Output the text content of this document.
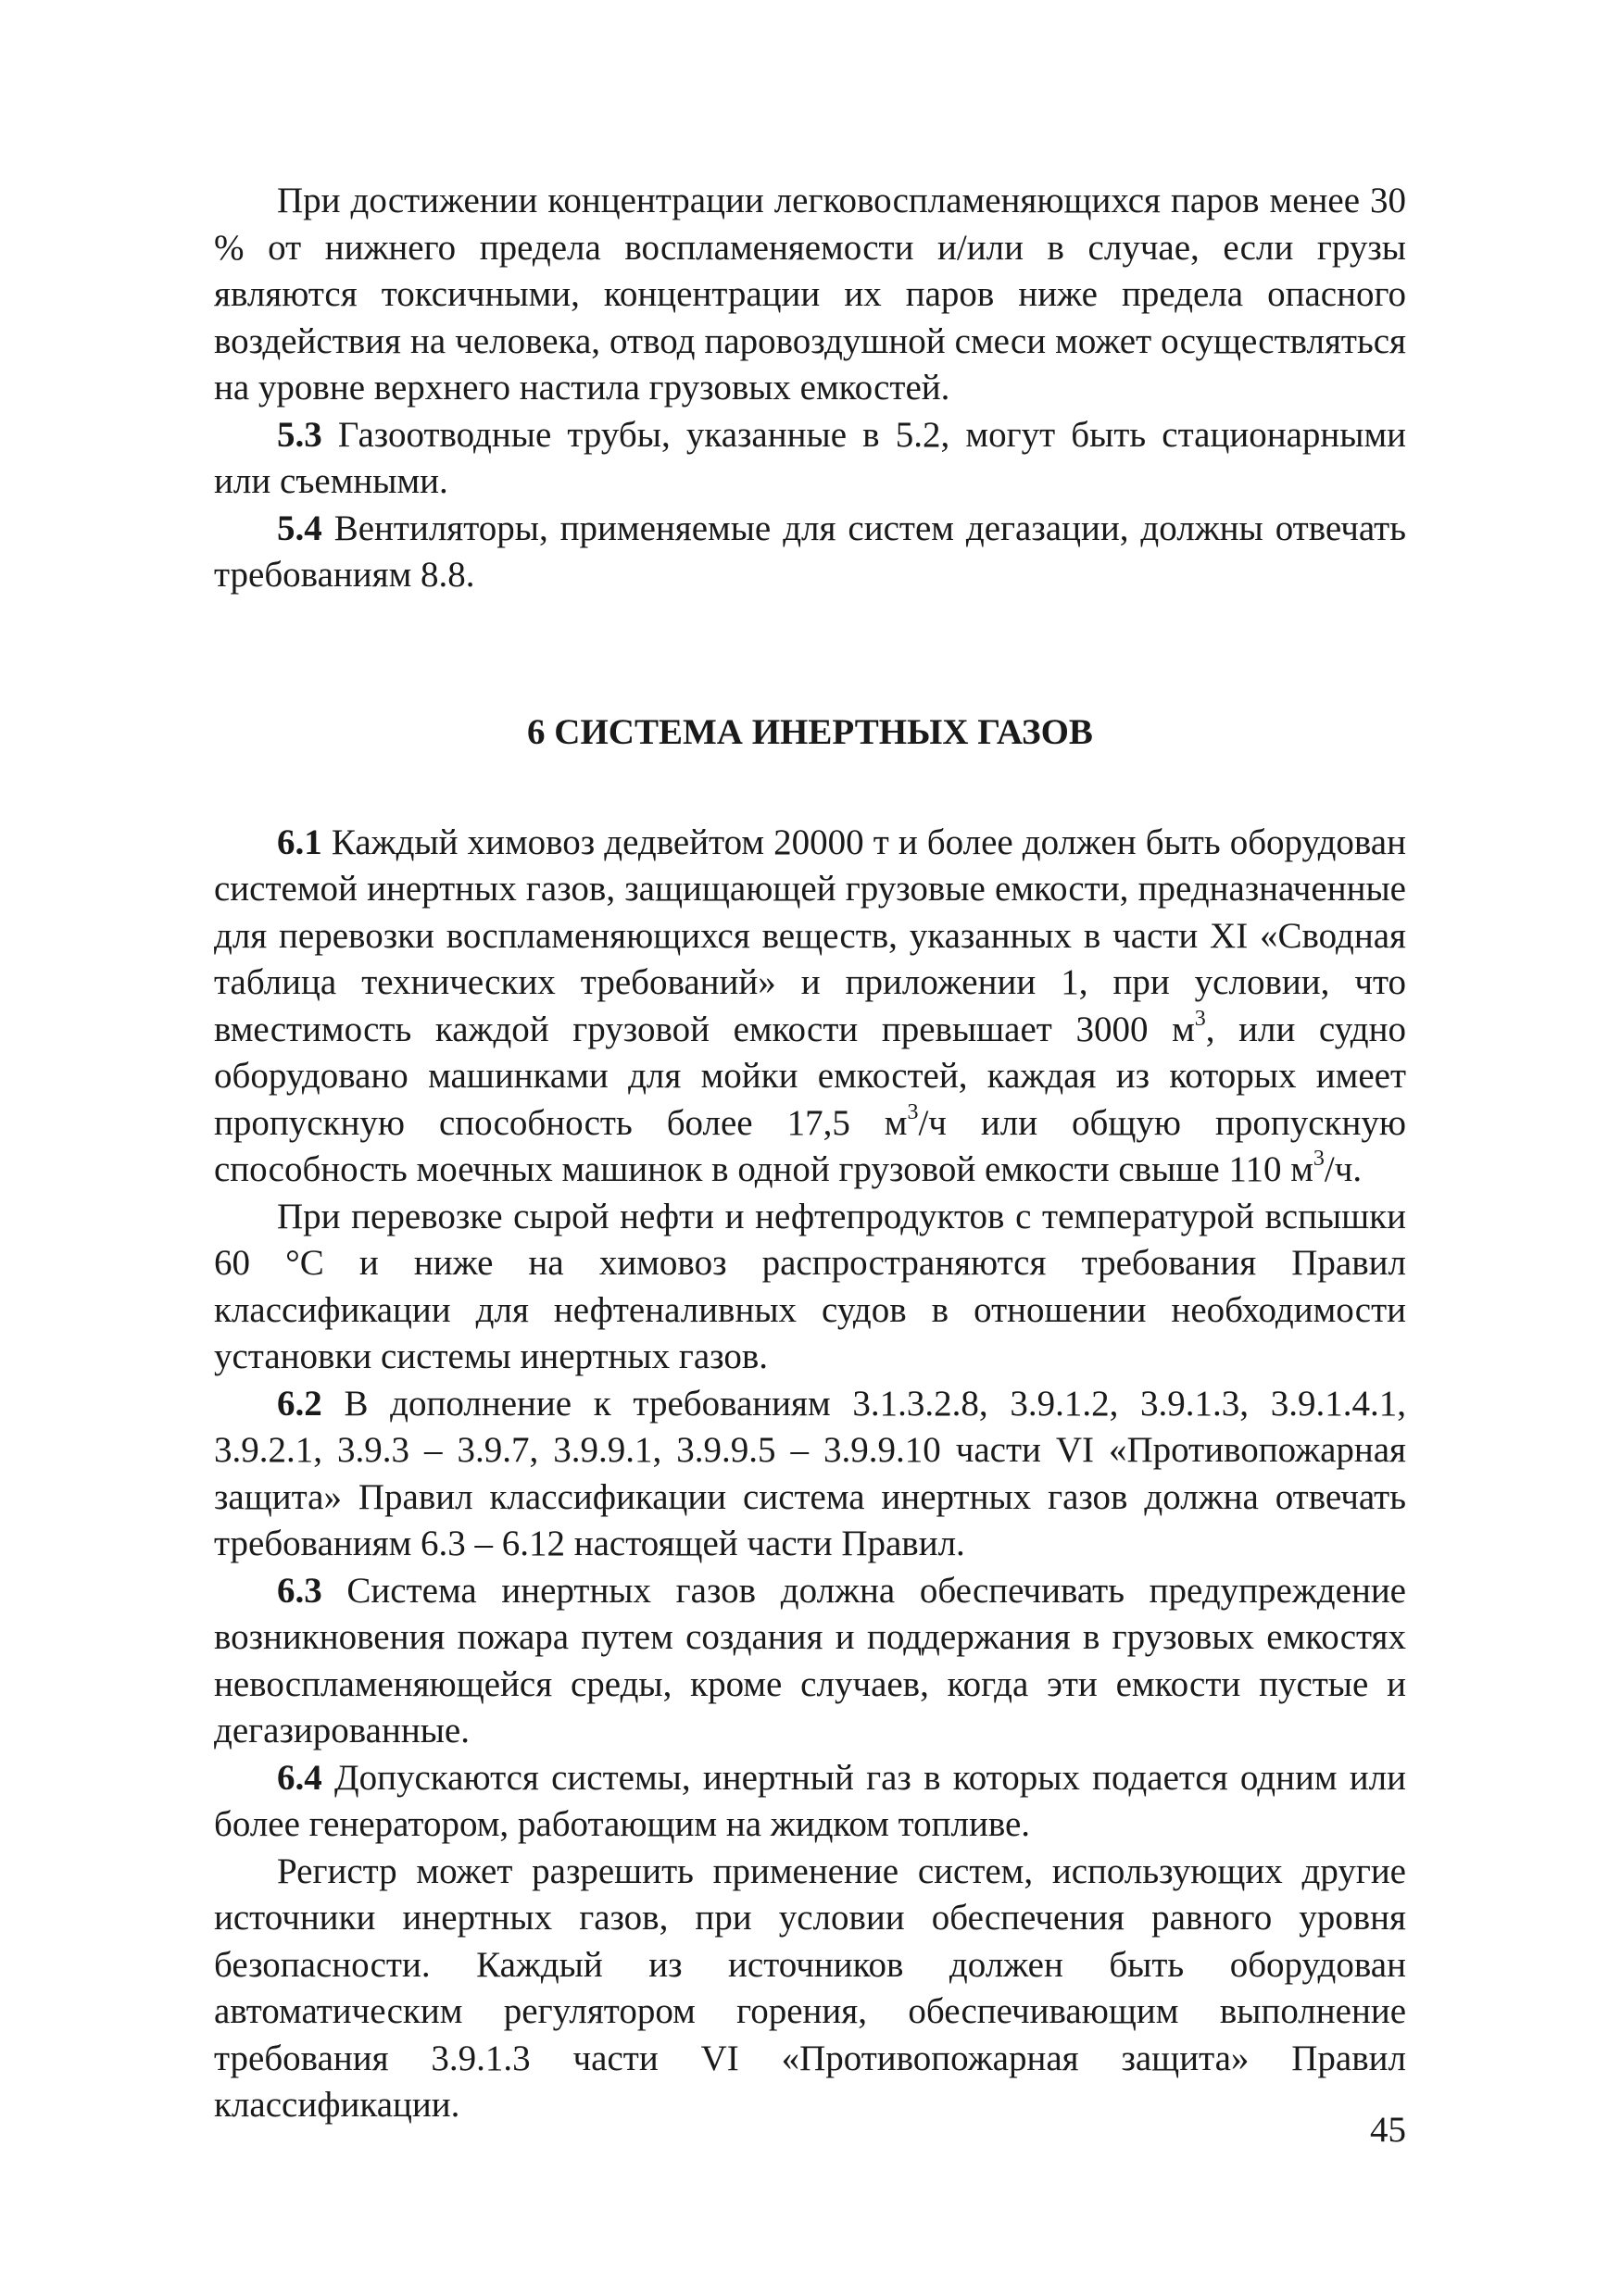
При достижении концентрации легковоспламеняющихся паров менее 30 % от нижнего предела воспламеняемости и/или в случае, если грузы являются токсичными, концентрации их паров ниже предела опасного воздействия на человека, отвод паровоздушной смеси может осуществляться на уровне верхнего настила грузовых емкостей.

5.3 Газоотводные трубы, указанные в 5.2, могут быть стационарными или съемными.

5.4 Вентиляторы, применяемые для систем дегазации, должны отвечать требованиям 8.8.

6 СИСТЕМА ИНЕРТНЫХ ГАЗОВ

6.1 Каждый химовоз дедвейтом 20000 т и более должен быть оборудован системой инертных газов, защищающей грузовые емкости, предназначенные для перевозки воспламеняющихся веществ, указанных в части XI «Сводная таблица технических требований» и приложении 1, при условии, что вместимость каждой грузовой емкости превышает 3000 $м^3$, или судно оборудовано машинками для мойки емкостей, каждая из которых имеет пропускную способность более 17,5 $м^3/ч$ или общую пропускную способность моечных машинок в одной грузовой емкости свыше 110 $м^3/ч$.

При перевозке сырой нефти и нефтепродуктов с температурой вспышки 60 °С и ниже на химовоз распространяются требования Правил классификации для нефтеналивных судов в отношении необходимости установки системы инертных газов.

6.2 В дополнение к требованиям 3.1.3.2.8, 3.9.1.2, 3.9.1.3, 3.9.1.4.1, 3.9.2.1, 3.9.3 – 3.9.7, 3.9.9.1, 3.9.9.5 – 3.9.9.10 части VI «Противопожарная защита» Правил классификации система инертных газов должна отвечать требованиям 6.3 – 6.12 настоящей части Правил.

6.3 Система инертных газов должна обеспечивать предупреждение возникновения пожара путем создания и поддержания в грузовых емкостях невоспламеняющейся среды, кроме случаев, когда эти емкости пустые и дегазированные.

6.4 Допускаются системы, инертный газ в которых подается одним или более генератором, работающим на жидком топливе.

Регистр может разрешить применение систем, использующих другие источники инертных газов, при условии обеспечения равного уровня безопасности. Каждый из источников должен быть оборудован автоматическим регулятором горения, обеспечивающим выполнение требования 3.9.1.3 части VI «Противопожарная защита» Правил классификации.

45
